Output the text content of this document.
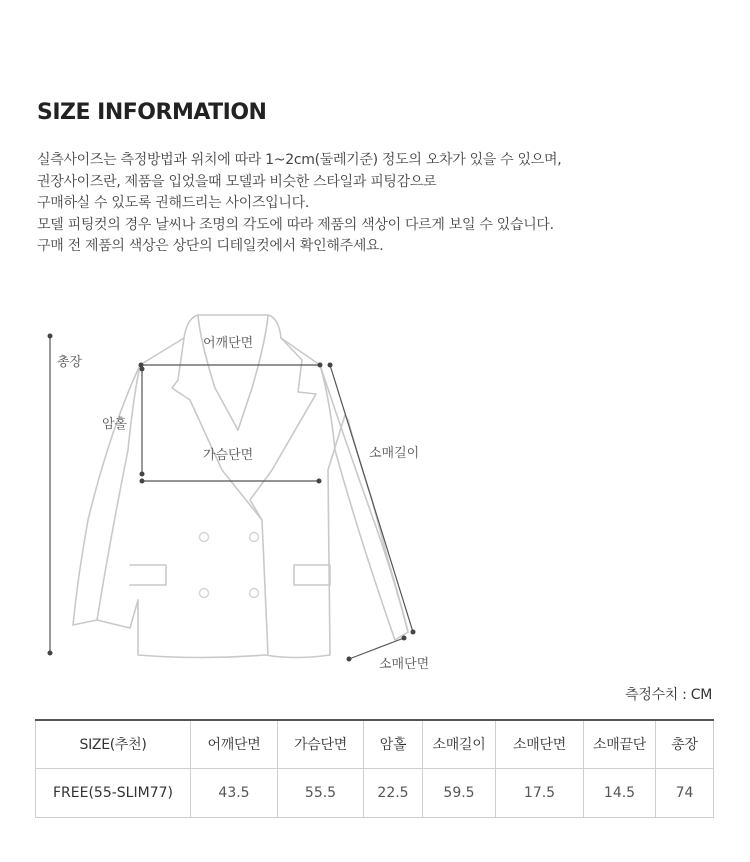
SIZE INFORMATION
실측사이즈는 측정방법과 위치에 따라 1~2cm(둘레기준) 정도의 오차가 있을 수 있으며,
권장사이즈란, 제품을 입었을때 모델과 비슷한 스타일과 피팅감으로
구매하실 수 있도록 권해드리는 사이즈입니다.
모델 피팅컷의 경우 날씨나 조명의 각도에 따라 제품의 색상이 다르게 보일 수 있습니다.
구매 전 제품의 색상은 상단의 디테일컷에서 확인해주세요.
총장
어깨단면
암홀
가슴단면	소매길이
소매단면
측정수치 : CM
SIZE(추천)	어깨단면	가슴단면	암홀	소매길이	소매단면	소매끝단	총장
FREE(55-SLIM77)	43.5	55.5	22.5	59.5	17.5	14.5	74
